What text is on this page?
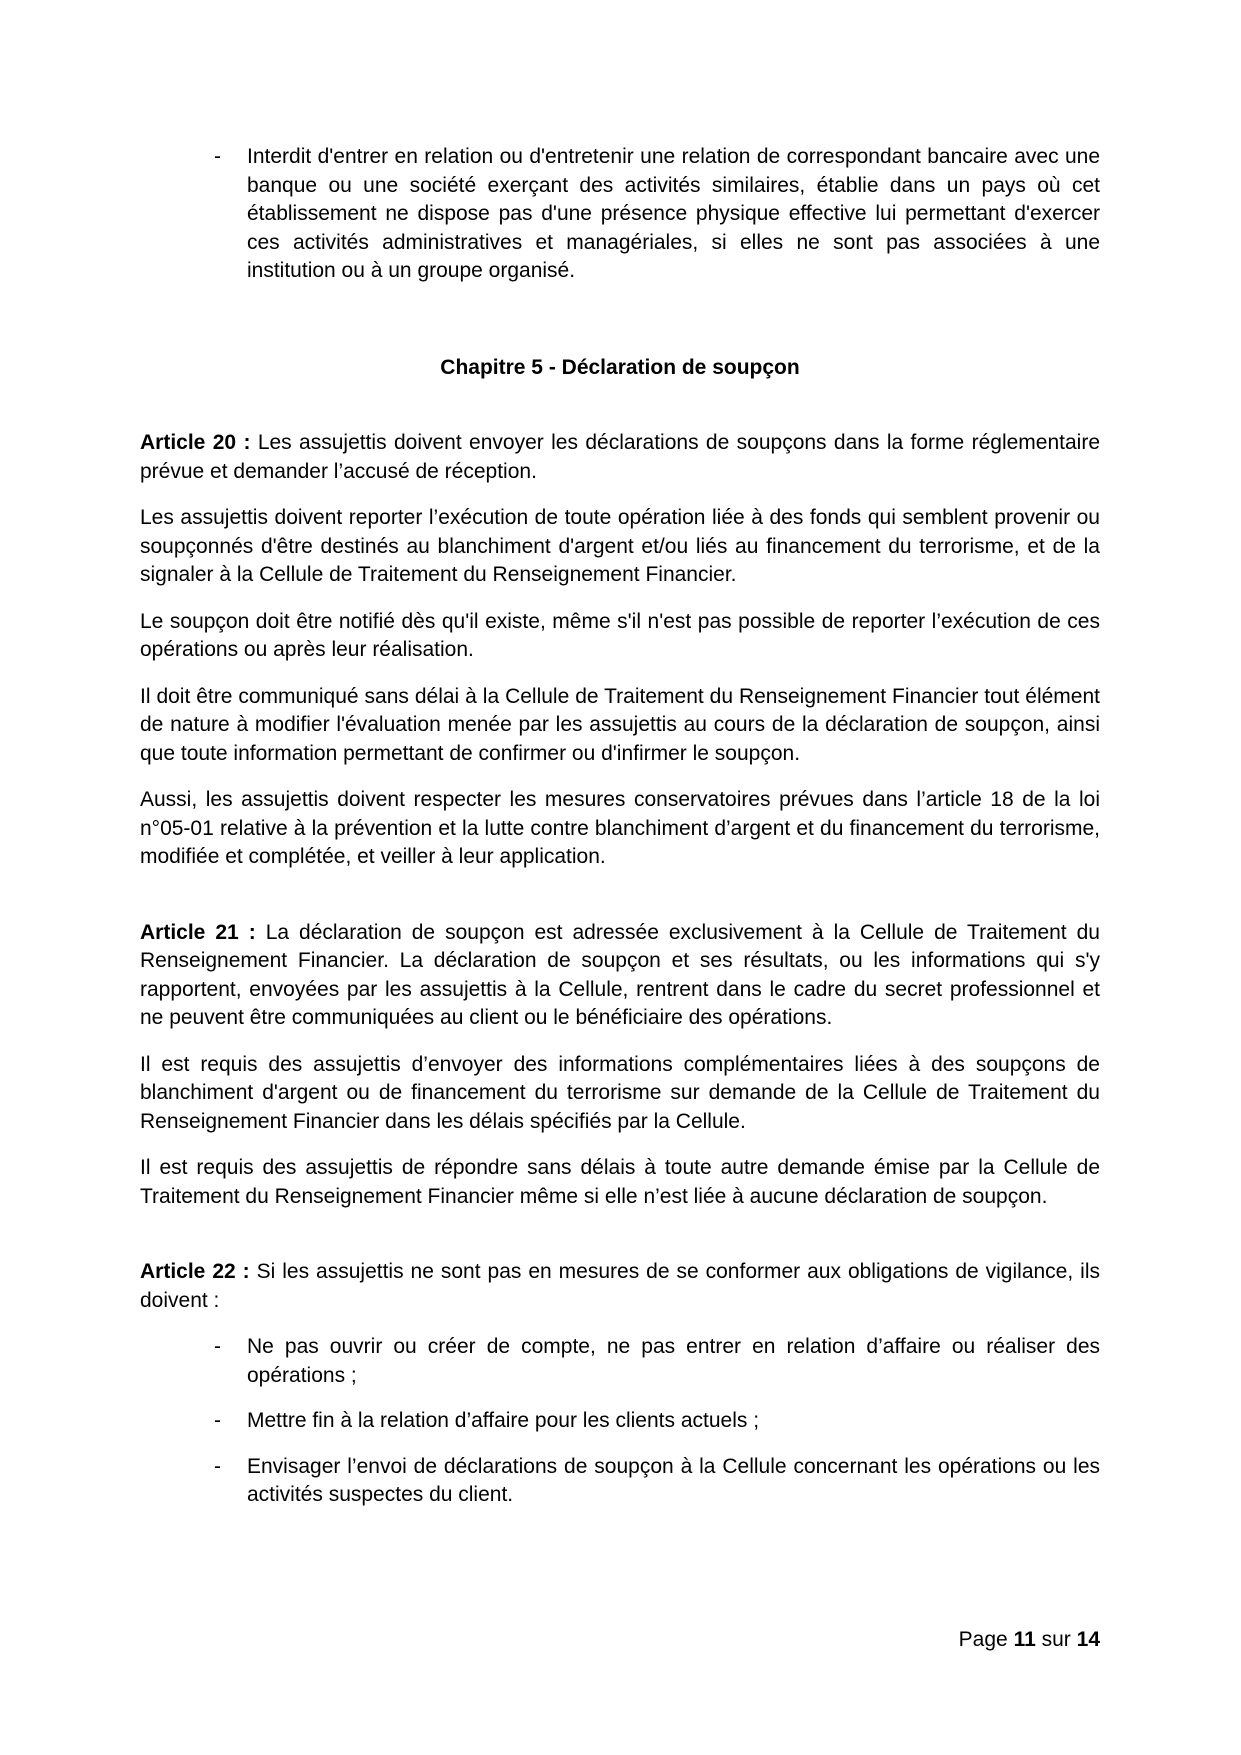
- Interdit d'entrer en relation ou d'entretenir une relation de correspondant bancaire avec une banque ou une société exerçant des activités similaires, établie dans un pays où cet établissement ne dispose pas d'une présence physique effective lui permettant d'exercer ces activités administratives et managériales, si elles ne sont pas associées à une institution ou à un groupe organisé.
Chapitre 5 - Déclaration de soupçon

Article 20 : Les assujettis doivent envoyer les déclarations de soupçons dans la forme réglementaire prévue et demander l’accusé de réception.

Les assujettis doivent reporter l’exécution de toute opération liée à des fonds qui semblent provenir ou soupçonnés d'être destinés au blanchiment d'argent et/ou liés au financement du terrorisme, et de la signaler à la Cellule de Traitement du Renseignement Financier.

Le soupçon doit être notifié dès qu'il existe, même s'il n'est pas possible de reporter l’exécution de ces opérations ou après leur réalisation.

Il doit être communiqué sans délai à la Cellule de Traitement du Renseignement Financier tout élément de nature à modifier l'évaluation menée par les assujettis au cours de la déclaration de soupçon, ainsi que toute information permettant de confirmer ou d'infirmer le soupçon.

Aussi, les assujettis doivent respecter les mesures conservatoires prévues dans l’article 18 de la loi n°05-01 relative à la prévention et la lutte contre blanchiment d’argent et du financement du terrorisme, modifiée et complétée, et veiller à leur application.

Article 21 : La déclaration de soupçon est adressée exclusivement à la Cellule de Traitement du Renseignement Financier. La déclaration de soupçon et ses résultats, ou les informations qui s'y rapportent, envoyées par les assujettis à la Cellule, rentrent dans le cadre du secret professionnel et ne peuvent être communiquées au client ou le bénéficiaire des opérations.

Il est requis des assujettis d’envoyer des informations complémentaires liées à des soupçons de blanchiment d'argent ou de financement du terrorisme sur demande de la Cellule de Traitement du Renseignement Financier dans les délais spécifiés par la Cellule.

Il est requis des assujettis de répondre sans délais à toute autre demande émise par la Cellule de Traitement du Renseignement Financier même si elle n’est liée à aucune déclaration de soupçon.

Article 22 : Si les assujettis ne sont pas en mesures de se conformer aux obligations de vigilance, ils doivent :

- Ne pas ouvrir ou créer de compte, ne pas entrer en relation d’affaire ou réaliser des opérations ;
- Mettre fin à la relation d’affaire pour les clients actuels ;
- Envisager l’envoi de déclarations de soupçon à la Cellule concernant les opérations ou les activités suspectes du client.
Page 11 sur 14
